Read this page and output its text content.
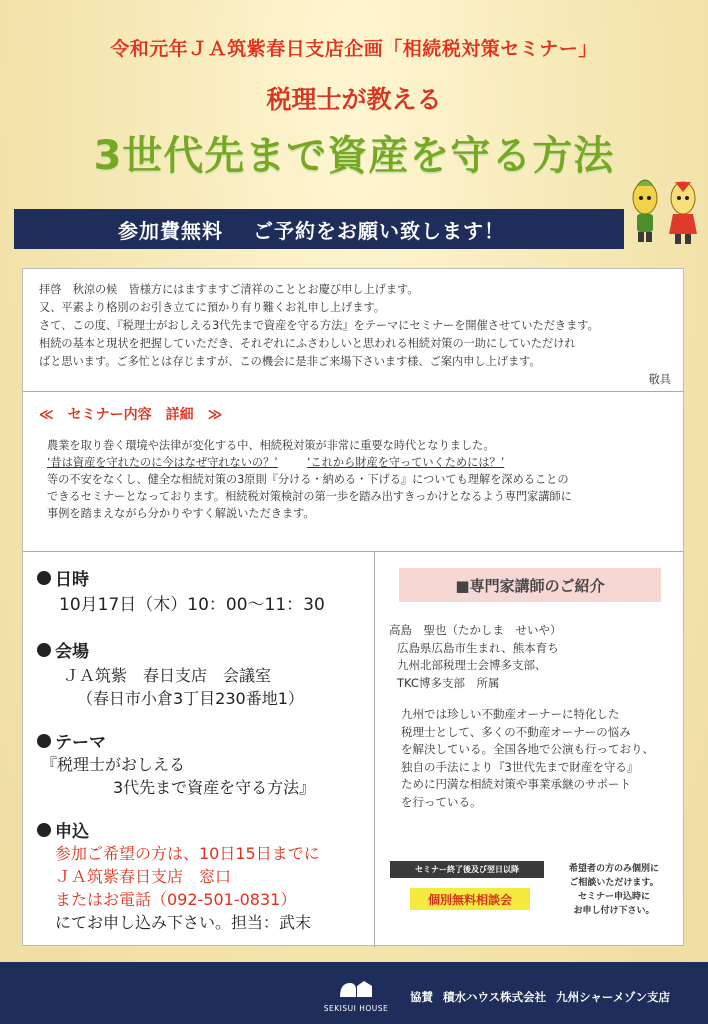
令和元年ＪＡ筑紫春日支店企画「相続税対策セミナー」
税理士が教える
3世代先まで資産を守る方法
参加費無料 ご予約をお願い致します！
拝啓　秋涼の候　皆様方にはますますご清祥のこととお慶び申し上げます。
又、平素より格別のお引き立てに預かり有り難くお礼申し上げます。
さて、この度、『税理士がおしえる3代先まで資産を守る方法』をテーマにセミナーを開催させていただきます。
相続の基本と現状を把握していただき、それぞれにふさわしいと思われる相続対策の一助にしていただけれ
ばと思います。ご多忙とは存じますが、この機会に是非ご来場下さいます様、ご案内申し上げます。
敬具
≪　セミナー内容　詳細　≫
農業を取り巻く環境や法律が変化する中、相続税対策が非常に重要な時代となりました。
‘昔は資産を守れたのに今はなぜ守れないの？’	‘これから財産を守っていくためには？’
等の不安をなくし、健全な相続対策の3原則『分ける・納める・下げる』についても理解を深めることの
できるセミナーとなっております。相続税対策検討の第一歩を踏み出すきっかけとなるよう専門家講師に
事例を踏まえながら分かりやすく解説いただきます。
日時
10月17日（木）10：00～11：30
会場
ＪＡ筑紫　春日支店　会議室
（春日市小倉3丁目230番地1）
テーマ
『税理士がおしえる
3代先まで資産を守る方法』
申込
参加ご希望の方は、10日15日までに
ＪＡ筑紫春日支店　窓口
またはお電話（092-501-0831）
にてお申し込み下さい。担当：武末
■専門家講師のご紹介
高島　聖也（たかしま　せいや）
広島県広島市生まれ、熊本育ち
九州北部税理士会博多支部、
TKC博多支部　所属
九州では珍しい不動産オーナーに特化した
税理士として、多くの不動産オーナーの悩み
を解決している。全国各地で公演も行っており、
独自の手法により『3世代先まで財産を守る』
ために円満な相続対策や事業承継のサポート
を行っている。
セミナー終了後及び翌日以降
個別無料相談会
希望者の方のみ個別に
ご相談いただけます。
セミナー申込時に
お申し付け下さい。
SEKISUI HOUSE
協賛 積水ハウス株式会社 九州シャーメゾン支店
